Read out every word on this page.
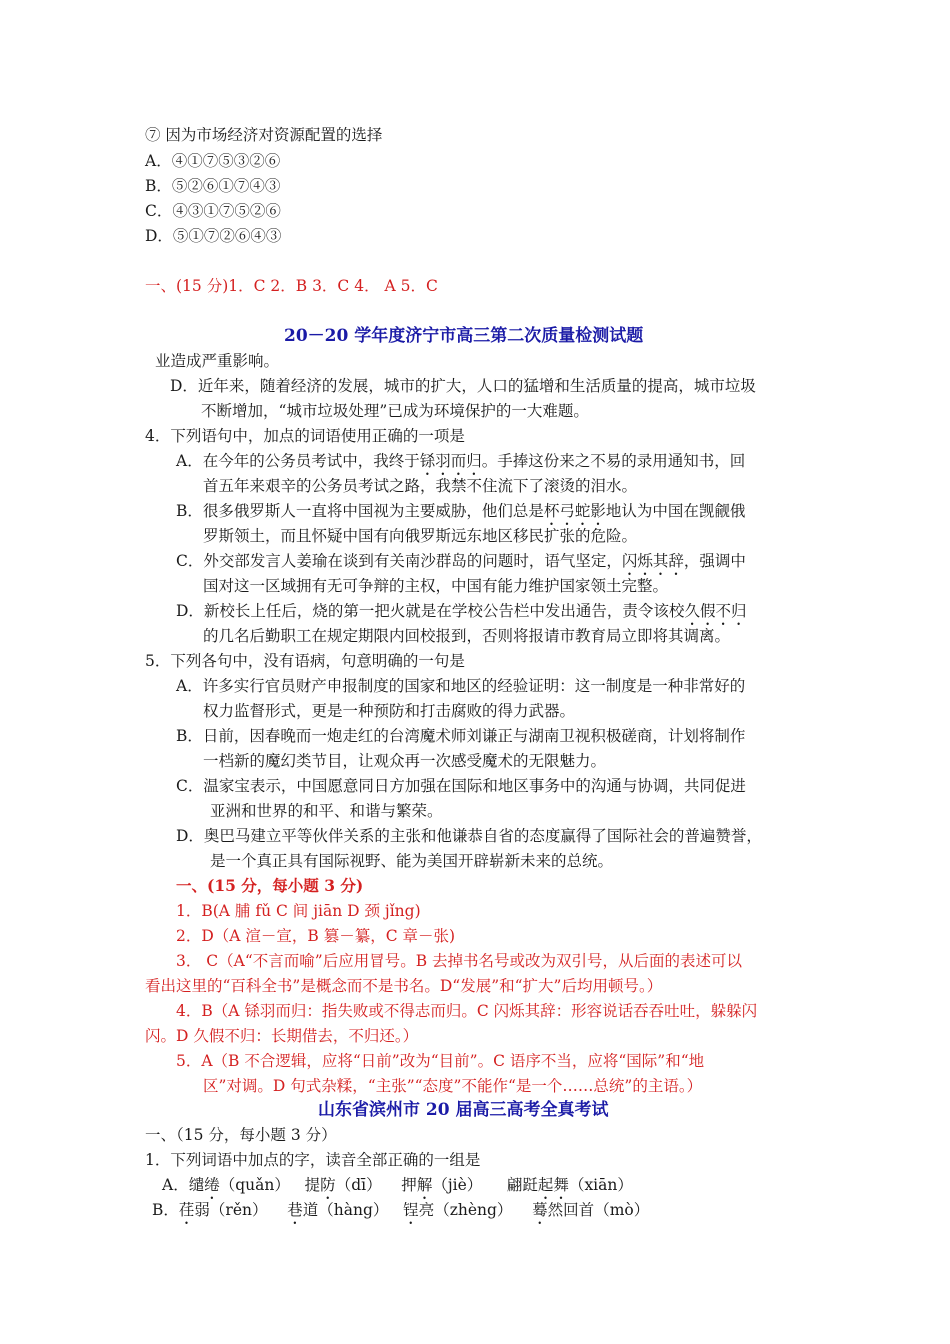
⑦ 因为市场经济对资源配置的选择
A．④①⑦⑤③②⑥
B．⑤②⑥①⑦④③
C．④③①⑦⑤②⑥
D．⑤①⑦②⑥④③
一、(15 分)1．C 2．B 3．C 4． A 5．C
20－20 学年度济宁市高三第二次质量检测试题
业造成严重影响。
D．近年来，随着经济的发展，城市的扩大，人口的猛增和生活质量的提高，城市垃圾
不断增加，“城市垃圾处理”已成为环境保护的一大难题。
4．下列语句中，加点的词语使用正确的一项是
A．在今年的公务员考试中，我终于铩羽而归。手捧这份来之不易的录用通知书，回
首五年来艰辛的公务员考试之路，我禁不住流下了滚烫的泪水。
B．很多俄罗斯人一直将中国视为主要威胁，他们总是杯弓蛇影地认为中国在觊觎俄
罗斯领土，而且怀疑中国有向俄罗斯远东地区移民扩张的危险。
C．外交部发言人姜瑜在谈到有关南沙群岛的问题时，语气坚定，闪烁其辞，强调中
国对这一区域拥有无可争辩的主权，中国有能力维护国家领土完整。
D．新校长上任后，烧的第一把火就是在学校公告栏中发出通告，责令该校久假不归
的几名后勤职工在规定期限内回校报到，否则将报请市教育局立即将其调离。
5．下列各句中，没有语病，句意明确的一句是
A．许多实行官员财产申报制度的国家和地区的经验证明：这一制度是一种非常好的
权力监督形式，更是一种预防和打击腐败的得力武器。
B．日前，因春晚而一炮走红的台湾魔术师刘谦正与湖南卫视积极磋商，计划将制作
一档新的魔幻类节目，让观众再一次感受魔术的无限魅力。
C．温家宝表示，中国愿意同日方加强在国际和地区事务中的沟通与协调，共同促进
亚洲和世界的和平、和谐与繁荣。
D．奥巴马建立平等伙伴关系的主张和他谦恭自省的态度赢得了国际社会的普遍赞誉，
是一个真正具有国际视野、能为美国开辟崭新未来的总统。
一、(15 分，每小题 3 分)
1．B(A 脯 fǔ C 间 jiān D 颈 jǐng)
2．D（A 渲－宣，B 篡－纂，C 章－张)
3． C（A“不言而喻”后应用冒号。B 去掉书名号或改为双引号，从后面的表述可以
看出这里的“百科全书”是概念而不是书名。D“发展”和“扩大”后均用顿号。）
4．B（A 铩羽而归：指失败或不得志而归。C 闪烁其辞：形容说话吞吞吐吐，躲躲闪
闪。D 久假不归：长期借去，不归还。）
5．A（B 不合逻辑，应将“日前”改为“目前”。C 语序不当，应将“国际”和“地
区”对调。D 句式杂糅，“主张”“态度”不能作“是一个……总统”的主语。）
山东省滨州市 20 届高三高考全真考试
一、（15 分，每小题 3 分）
1．下列词语中加点的字，读音全部正确的一组是
A．缱绻（quǎn） 提防（dī） 押解（jiè） 翩跹起舞（xiān）
B．荏弱（rěn） 巷道（hàng） 锃亮（zhèng） 蓦然回首（mò）
